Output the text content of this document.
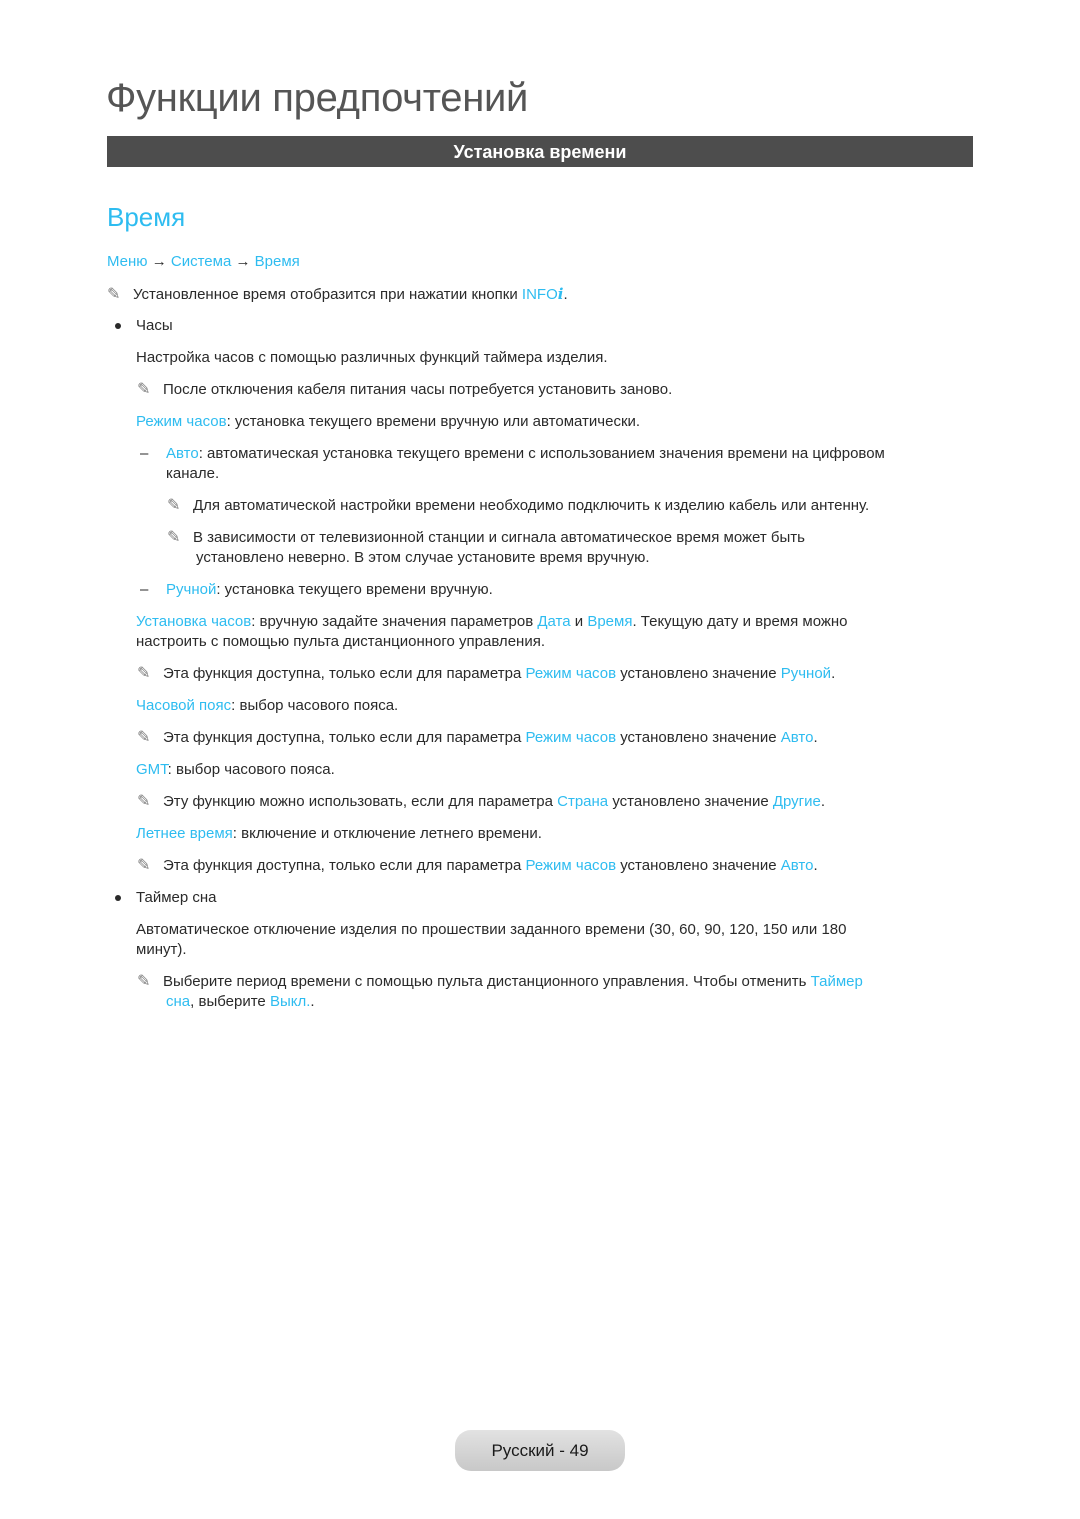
Функции предпочтений
Установка времени
Время
Меню → Система → Время
✎ Установленное время отобразится при нажатии кнопки INFOi.
Часы
Настройка часов с помощью различных функций таймера изделия.
✎ После отключения кабеля питания часы потребуется установить заново.
Режим часов: установка текущего времени вручную или автоматически.
– Авто: автоматическая установка текущего времени с использованием значения времени на цифровом
канале.
✎ Для автоматической настройки времени необходимо подключить к изделию кабель или антенну.
✎ В зависимости от телевизионной станции и сигнала автоматическое время может быть
установлено неверно. В этом случае установите время вручную.
– Ручной: установка текущего времени вручную.
Установка часов: вручную задайте значения параметров Дата и Время. Текущую дату и время можно
настроить с помощью пульта дистанционного управления.
✎ Эта функция доступна, только если для параметра Режим часов установлено значение Ручной.
Часовой пояс: выбор часового пояса.
✎ Эта функция доступна, только если для параметра Режим часов установлено значение Авто.
GMT: выбор часового пояса.
✎ Эту функцию можно использовать, если для параметра Страна установлено значение Другие.
Летнее время: включение и отключение летнего времени.
✎ Эта функция доступна, только если для параметра Режим часов установлено значение Авто.
Таймер сна
Автоматическое отключение изделия по прошествии заданного времени (30, 60, 90, 120, 150 или 180
минут).
✎ Выберите период времени с помощью пульта дистанционного управления. Чтобы отменить Таймер
сна, выберите Выкл..
Русский - 49
